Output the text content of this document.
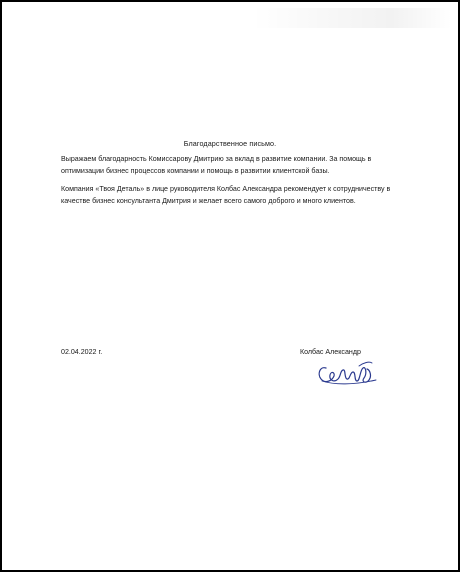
Благодарственное письмо.
Выражаем благодарность Комиссарову Дмитрию за вклад в развитие компании. За помощь в оптимизации бизнес процессов компании и помощь в развитии клиентской базы.
Компания «Твоя Деталь» в лице руководителя Колбас Александра рекомендует к сотрудничеству в качестве бизнес консультанта Дмитрия и желает всего самого доброго и много клиентов.
02.04.2022 г.	Колбас Александр
